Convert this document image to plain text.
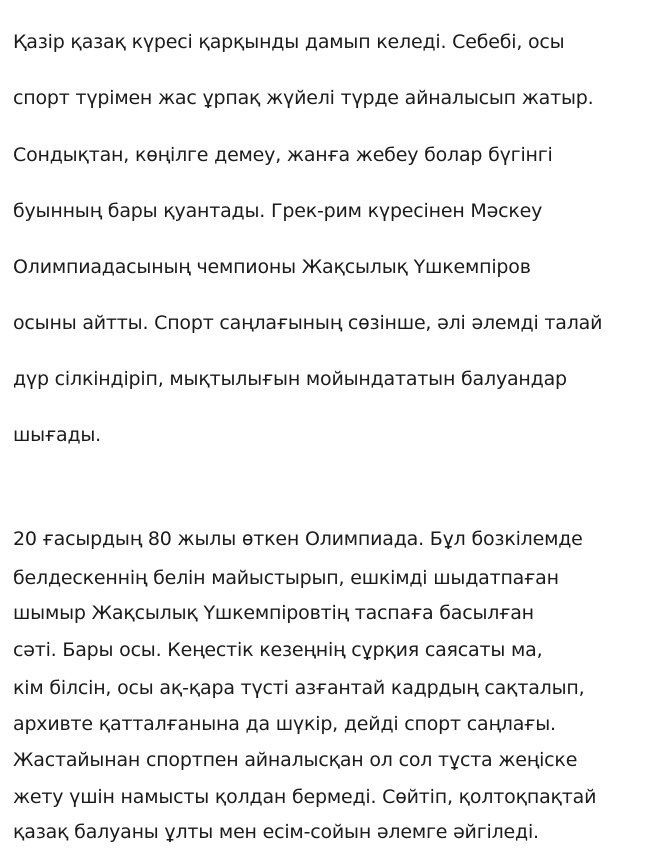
Қазір қазақ күресі қарқынды дамып келеді. Себебі, осы
спорт түрімен жас ұрпақ жүйелі түрде айналысып жатыр.
Сондықтан, көңілге демеу, жанға жебеу болар бүгінгі
буынның бары қуантады. Грек-рим күресінен Мәскеу
Олимпиадасының чемпионы Жақсылық Үшкемпіров
осыны айтты. Спорт саңлағының сөзінше, әлі әлемді талай
дүр сілкіндіріп, мықтылығын мойындататын балуандар
шығады.
20 ғасырдың 80 жылы өткен Олимпиада. Бұл бозкілемде
белдескеннің белін майыстырып, ешкімді шыдатпаған
шымыр Жақсылық Үшкемпіровтің таспаға басылған
сәті. Бары осы. Кеңестік кезеңнің сұрқия саясаты ма,
кім білсін, осы ақ-қара түсті азғантай кадрдың сақталып,
архивте қатталғанына да шүкір, дейді спорт саңлағы.
Жастайынан спортпен айналысқан ол сол тұста жеңіске
жету үшін намысты қолдан бермеді. Сөйтіп, қолтоқпақтай
қазақ балуаны ұлты мен есім-сойын әлемге әйгіледі.
